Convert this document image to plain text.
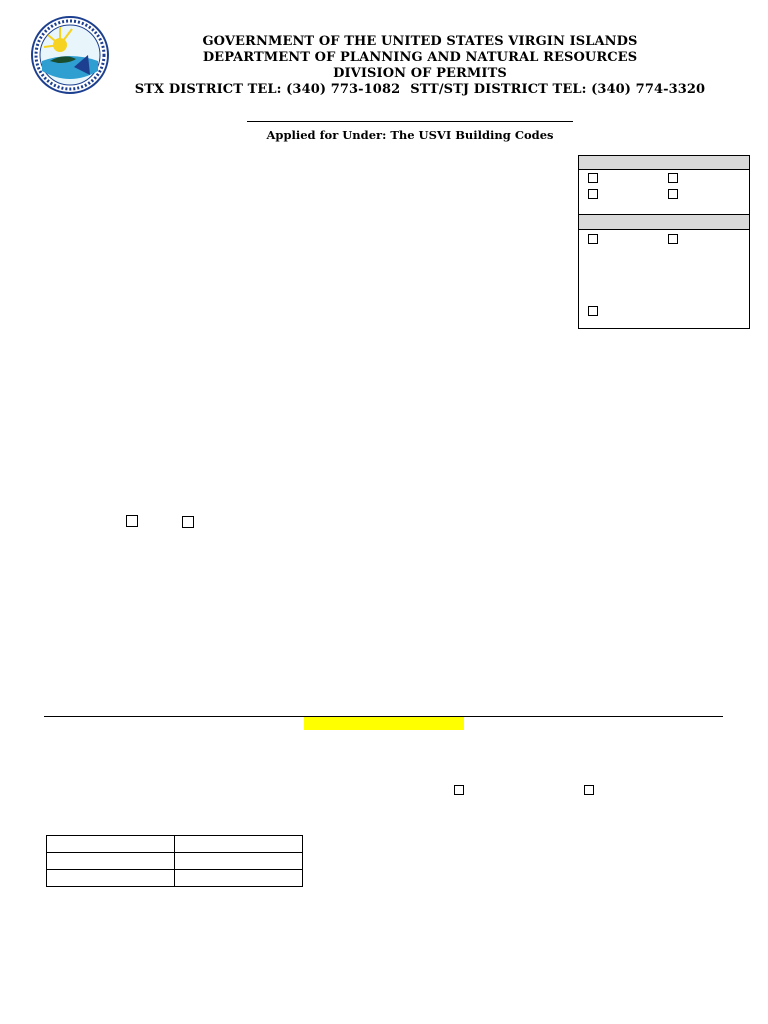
GOVERNMENT OF THE UNITED STATES VIRGIN ISLANDS
DEPARTMENT OF PLANNING AND NATURAL RESOURCES
DIVISION OF PERMITS
STX DISTRICT TEL: (340) 773-1082 STT/STJ DISTRICT TEL: (340) 774-3320
Applied for Under: The USVI Building Codes
